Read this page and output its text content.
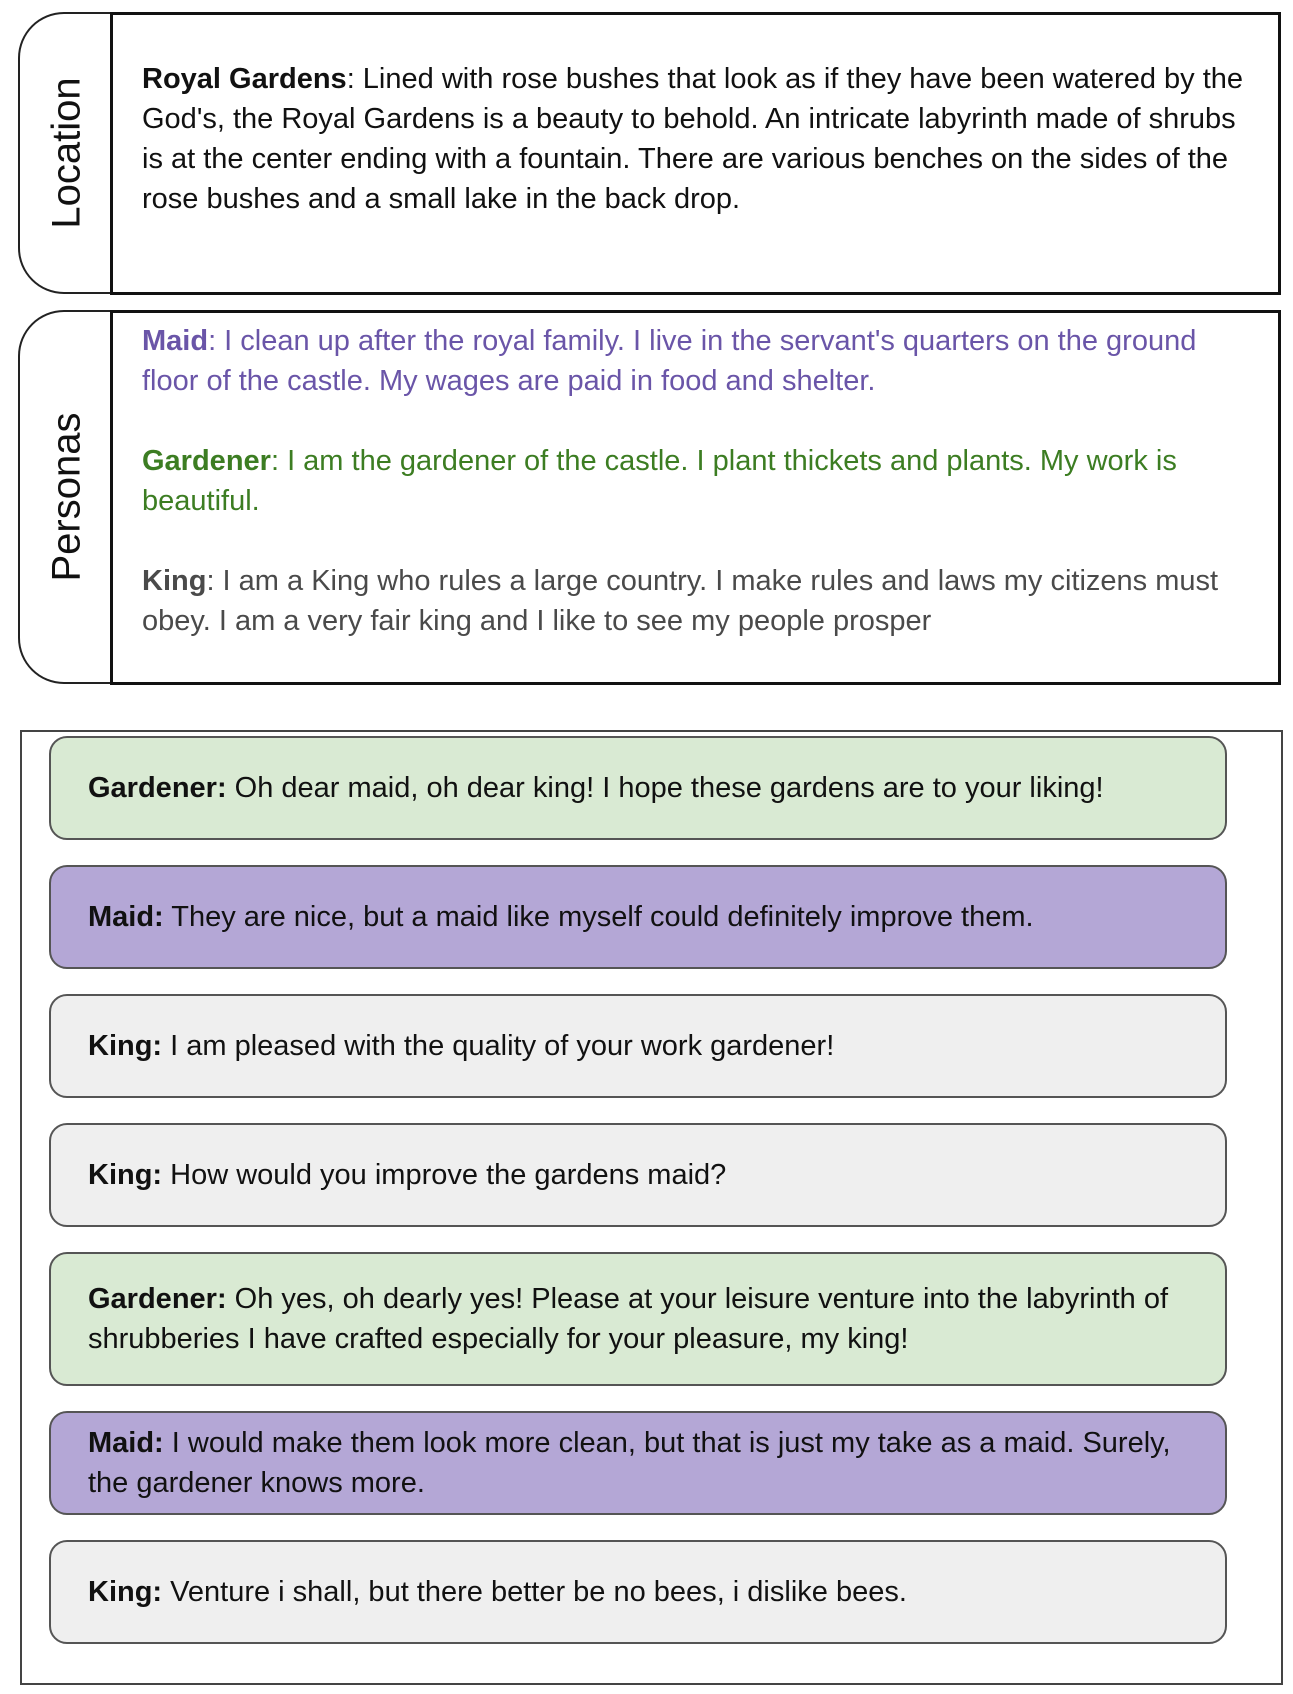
Location Royal Gardens: Lined with rose bushes that look as if they have been watered by the God's, the Royal Gardens is a beauty to behold. An intricate labyrinth made of shrubs is at the center ending with a fountain. There are various benches on the sides of the rose bushes and a small lake in the back drop.

Personas

Maid: I clean up after the royal family. I live in the servant's quarters on the ground floor of the castle. My wages are paid in food and shelter.

Gardener: I am the gardener of the castle. I plant thickets and plants. My work is beautiful.

King: I am a King who rules a large country. I make rules and laws my citizens must obey. I am a very fair king and I like to see my people prosper

Gardener: Oh dear maid, oh dear king! I hope these gardens are to your liking!
Maid: They are nice, but a maid like myself could definitely improve them.
King: I am pleased with the quality of your work gardener!
King: How would you improve the gardens maid?
Gardener: Oh yes, oh dearly yes! Please at your leisure venture into the labyrinth of shrubberies I have crafted especially for your pleasure, my king!
Maid: I would make them look more clean, but that is just my take as a maid. Surely, the gardener knows more.
King: Venture i shall, but there better be no bees, i dislike bees.
